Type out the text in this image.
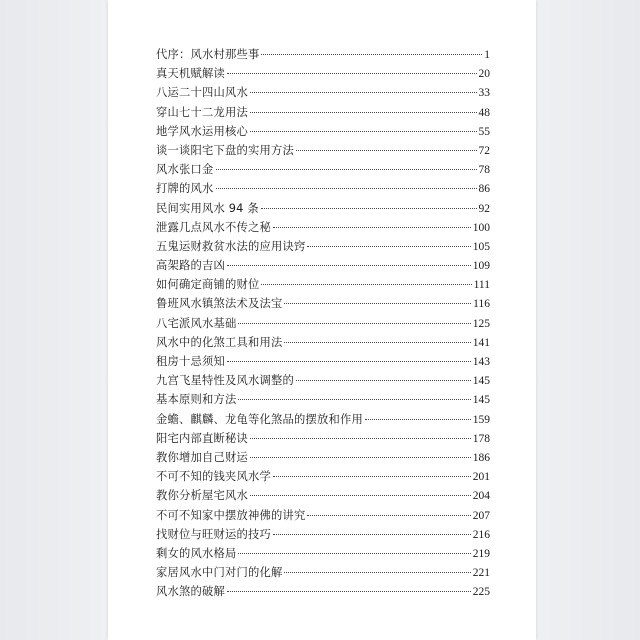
代序：风水村那些事	1
真天机赋解读	20
八运二十四山风水	33
穿山七十二龙用法	48
地学风水运用核心	55
谈一谈阳宅下盘的实用方法	72
风水张口金	78
打牌的风水	86
民间实用风水 94 条	92
泄露几点风水不传之秘	100
五鬼运财救贫水法的应用诀窍	105
高架路的吉凶	109
如何确定商铺的财位	111
鲁班风水镇煞法术及法宝	116
八宅派风水基础	125
风水中的化煞工具和用法	141
租房十忌须知	143
九宫飞星特性及风水调整的	145
基本原则和方法	145
金蟾、麒麟、龙龟等化煞品的摆放和作用	159
阳宅内部直断秘诀	178
教你增加自己财运	186
不可不知的钱夹风水学	201
教你分析屋宅风水	204
不可不知家中摆放神佛的讲究	207
找财位与旺财运的技巧	216
剩女的风水格局	219
家居风水中门对门的化解	221
风水煞的破解	225
